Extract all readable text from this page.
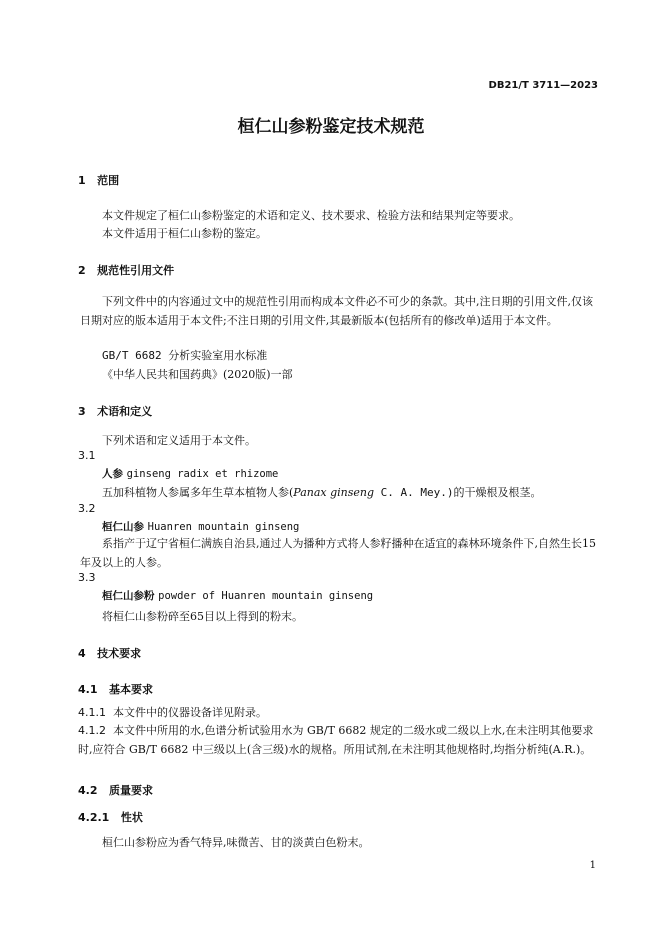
DB21/T 3711—2023
桓仁山参粉鉴定技术规范
1 范围
本文件规定了桓仁山参粉鉴定的术语和定义、技术要求、检验方法和结果判定等要求。
本文件适用于桓仁山参粉的鉴定。
2 规范性引用文件
下列文件中的内容通过文中的规范性引用而构成本文件必不可少的条款。其中,注日期的引用文件,仅该日期对应的版本适用于本文件;不注日期的引用文件,其最新版本(包括所有的修改单)适用于本文件。
GB/T 6682 分析实验室用水标准
《中华人民共和国药典》(2020版)一部
3 术语和定义
下列术语和定义适用于本文件。
3.1
人参 ginseng radix et rhizome
五加科植物人参属多年生草本植物人参(Panax ginseng C. A. Mey.)的干燥根及根茎。
3.2
桓仁山参 Huanren mountain ginseng
系指产于辽宁省桓仁满族自治县,通过人为播种方式将人参籽播种在适宜的森林环境条件下,自然生长15年及以上的人参。
3.3
桓仁山参粉 powder of Huanren mountain ginseng
将桓仁山参粉碎至65目以上得到的粉末。
4 技术要求
4.1 基本要求
4.1.1 本文件中的仪器设备详见附录。
4.1.2 本文件中所用的水,色谱分析试验用水为 GB/T 6682 规定的二级水或二级以上水,在未注明其他要求时,应符合 GB/T 6682 中三级以上(含三级)水的规格。所用试剂,在未注明其他规格时,均指分析纯(A.R.)。
4.2 质量要求
4.2.1 性状
桓仁山参粉应为香气特异,味微苦、甘的淡黄白色粉末。
1
